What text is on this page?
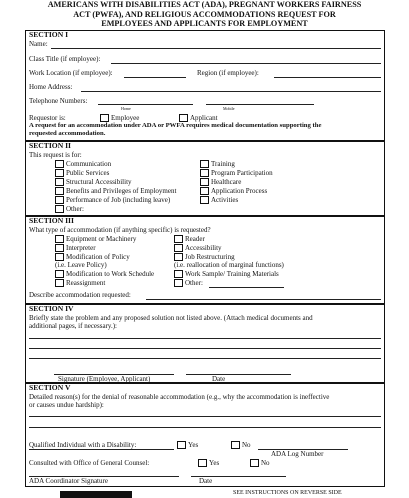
AMERICANS WITH DISABILITIES ACT (ADA), PREGNANT WORKERS FAIRNESS
ACT (PWFA), AND RELIGIOUS ACCOMMODATIONS REQUEST FOR
EMPLOYEES AND APPLICANTS FOR EMPLOYMENT
SECTION I
Name:
Class Title (if employee):
Work Location (if employee):	Region (if employee):
Home Address:
Telephone Numbers:
Home	Mobile
Requestor is:	Employee	Applicant
A request for an accommodation under ADA or PWFA requires medical documentation supporting the
requested accommodation.
SECTION II
This request is for:
Communication
Public Services
Structural Accessibility
Benefits and Privileges of Employment
Performance of Job (including leave)
Other:
Training
Program Participation
Healthcare
Application Process
Activities
SECTION III
What type of accommodation (if anything specific) is requested?
Equipment or Machinery	Reader
Interpreter	Accessibility
Modification of Policy	Job Restructuring
(i.e. Leave Policy)	(i.e. reallocation of marginal functions)
Modification to Work Schedule	Work Sample/ Training Materials
Reassignment	Other:
Describe accommodation requested:
SECTION IV
Briefly state the problem and any proposed solution not listed above. (Attach medical documents and
additional pages, if necessary.):
Signature (Employee, Applicant)	Date
SECTION V
Detailed reason(s) for the denial of reasonable accommodation (e.g., why the accommodation is ineffective
or causes undue hardship):
Qualified Individual with a Disability:	Yes	No
ADA Log Number
Consulted with Office of General Counsel:	Yes	No
ADA Coordinator Signature	Date
SEE INSTRUCTIONS ON REVERSE SIDE
